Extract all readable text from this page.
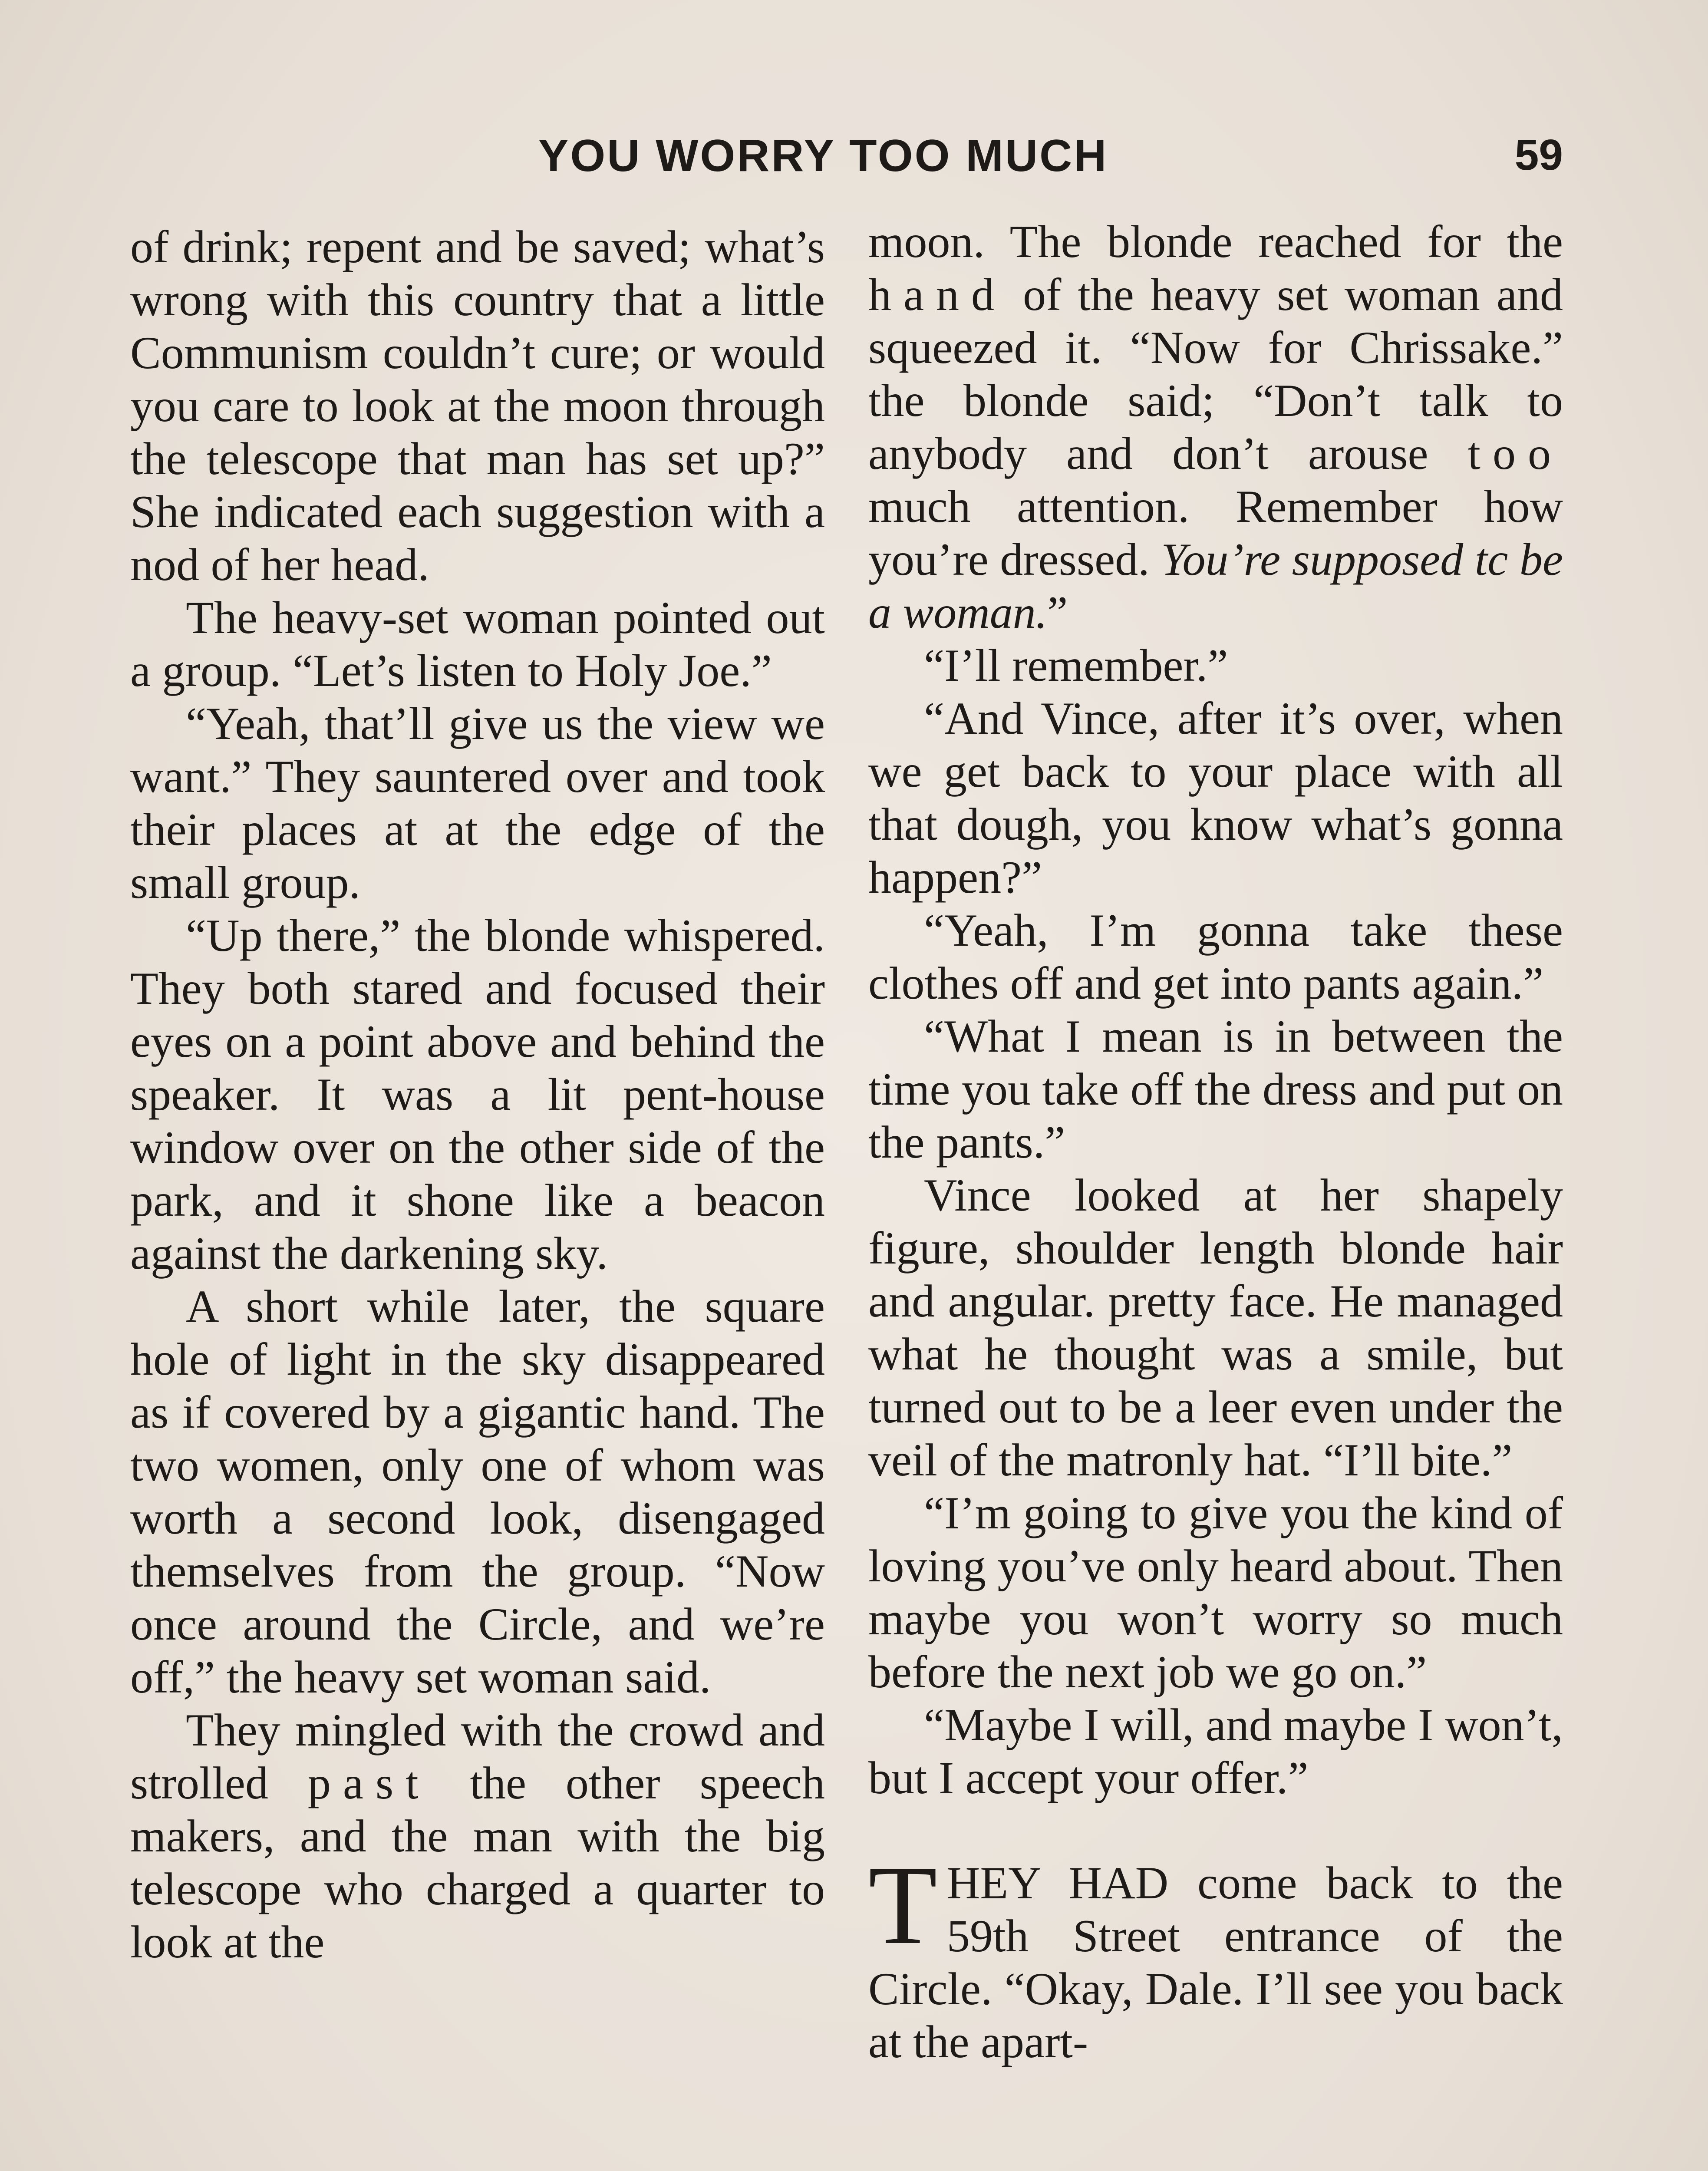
YOU WORRY TOO MUCH	59

of drink; repent and be saved; what’s wrong with this country that a little Communism couldn’t cure; or would you care to look at the moon through the telescope that man has set up?” She indicated each suggestion with a nod of her head.

The heavy-set woman pointed out a group. “Let’s listen to Holy Joe.”

“Yeah, that’ll give us the view we want.” They sauntered over and took their places at at the edge of the small group.

“Up there,” the blonde whispered. They both stared and focused their eyes on a point above and behind the speaker. It was a lit pent-house window over on the other side of the park, and it shone like a beacon against the darkening sky.

A short while later, the square hole of light in the sky disappeared as if covered by a gigantic hand. The two women, only one of whom was worth a second look, disengaged themselves from the group. “Now once around the Circle, and we’re off,” the heavy set woman said.

They mingled with the crowd and strolled past the other speech makers, and the man with the big telescope who charged a quarter to look at the

moon. The blonde reached for the hand of the heavy set woman and squeezed it. “Now for Chrissake.” the blonde said; “Don’t talk to anybody and don’t arouse too much attention. Remember how you’re dressed. You’re supposed tc be a woman.”

“I’ll remember.”

“And Vince, after it’s over, when we get back to your place with all that dough, you know what’s gonna happen?”

“Yeah, I’m gonna take these clothes off and get into pants again.”

“What I mean is in between the time you take off the dress and put on the pants.”

Vince looked at her shapely figure, shoulder length blonde hair and angular. pretty face. He managed what he thought was a smile, but turned out to be a leer even under the veil of the matronly hat. “I’ll bite.”

“I’m going to give you the kind of loving you’ve only heard about. Then maybe you won’t worry so much before the next job we go on.”

“Maybe I will, and maybe I won’t, but I accept your offer.”

THEY HAD come back to the 59th Street entrance of the Circle. “Okay, Dale. I’ll see you back at the apart-
